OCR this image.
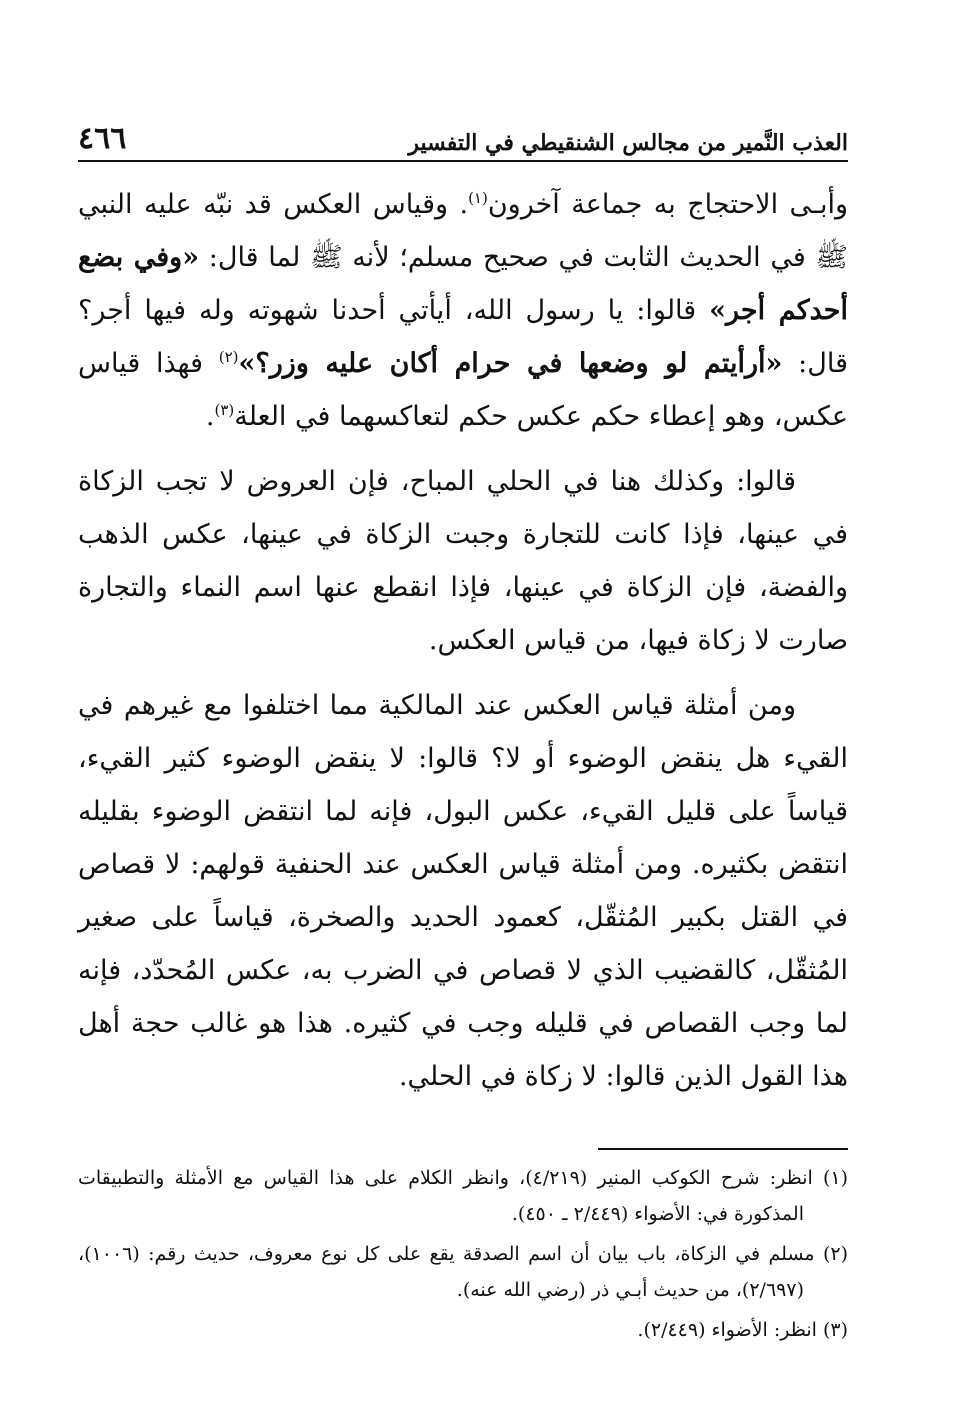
العذب النَّمير من مجالس الشنقيطي في التفسير
٤٦٦

وأبـى الاحتجاج به جماعة آخرون$^{(١)}$. وقياس العكس قد نبّه عليه النبي ﷺ في الحديث الثابت في صحيح مسلم؛ لأنه ﷺ لما قال: «وفي بضع أحدكم أجر» قالوا: يا رسول الله، أيأتي أحدنا شهوته وله فيها أجر؟ قال: «أرأيتم لو وضعها في حرام أكان عليه وزر؟»$^{(٢)}$ فهذا قياس عكس، وهو إعطاء حكم عكس حكم لتعاكسهما في العلة$^{(٣)}$.

قالوا: وكذلك هنا في الحلي المباح، فإن العروض لا تجب الزكاة في عينها، فإذا كانت للتجارة وجبت الزكاة في عينها، عكس الذهب والفضة، فإن الزكاة في عينها، فإذا انقطع عنها اسم النماء والتجارة صارت لا زكاة فيها، من قياس العكس.

ومن أمثلة قياس العكس عند المالكية مما اختلفوا مع غيرهم في القيء هل ينقض الوضوء أو لا؟ قالوا: لا ينقض الوضوء كثير القيء، قياساً على قليل القيء، عكس البول، فإنه لما انتقض الوضوء بقليله انتقض بكثيره. ومن أمثلة قياس العكس عند الحنفية قولهم: لا قصاص في القتل بكبير المُثقّل، كعمود الحديد والصخرة، قياساً على صغير المُثقّل، كالقضيب الذي لا قصاص في الضرب به، عكس المُحدّد، فإنه لما وجب القصاص في قليله وجب في كثيره. هذا هو غالب حجة أهل هذا القول الذين قالوا: لا زكاة في الحلي.

(١) انظر: شرح الكوكب المنير (٤/٢١٩)، وانظر الكلام على هذا القياس مع الأمثلة والتطبيقات المذكورة في: الأضواء (٢/٤٤٩ ـ ٤٥٠).

(٢) مسلم في الزكاة، باب بيان أن اسم الصدقة يقع على كل نوع معروف، حديث رقم: (١٠٠٦)، (٢/٦٩٧)، من حديث أبـي ذر (رضي الله عنه).

(٣) انظر: الأضواء (٢/٤٤٩).
